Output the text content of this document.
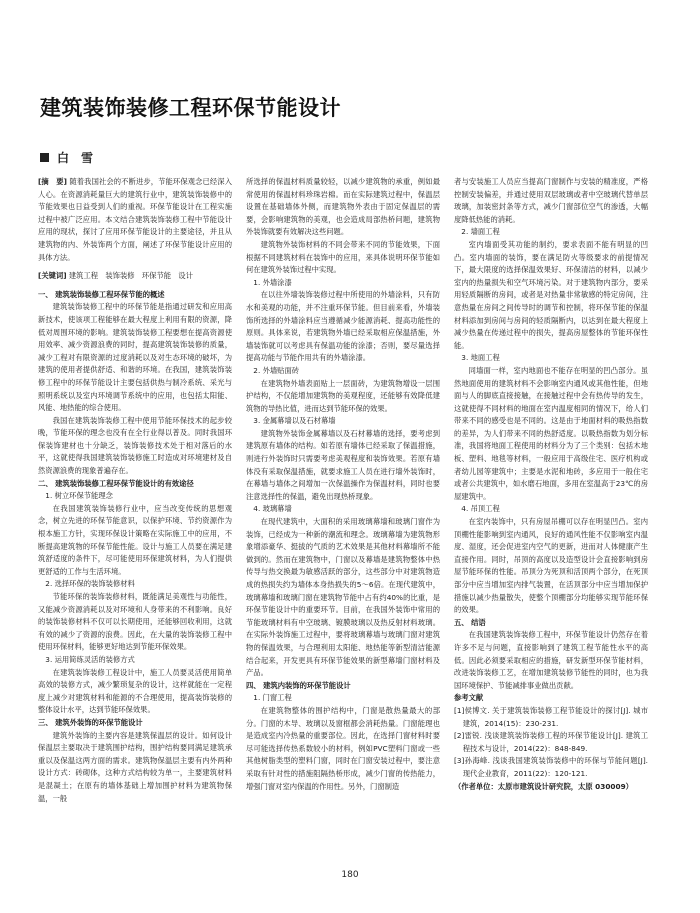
建筑装饰装修工程环保节能设计
白　雪

[摘　要] 随着我国社会的不断进步，节能环保观念已经深入人心。在资源消耗量巨大的建筑行业中，建筑装饰装修中的节能效果也日益受到人们的重视。环保节能设计在工程实施过程中被广泛应用。本文结合建筑装饰装修工程中节能设计应用的现状，探讨了应用环保节能设计的主要途径，并且从建筑物的内、外装饰两个方面，阐述了环保节能设计应用的具体方法。

[关键词] 建筑工程　装饰装修　环保节能　设计

一、 建筑装饰装修工程环保节能的概述

建筑装饰装修工程中的环保节能是指通过研发和应用高新技术，使该项工程能够在最大程度上利用有限的资源，降低对周围环境的影响。建筑装饰装修工程要想在提高资源使用效率、减少资源浪费的同时，提高建筑装饰装修的质量，减少工程对有限资源的过度消耗以及对生态环境的破坏，为建筑的使用者提供舒适、和谐的环境。在我国，建筑装饰装修工程中的环保节能设计主要包括供热与制冷系统、采光与照明系统以及室内环境调节系统中的应用，也包括太阳能、风能、地热能的综合使用。

我国在建筑装饰装修工程中使用节能环保技术的起步较晚，节能环保的理念也没有在全行业得以普及。同时我国环保装饰建材也十分缺乏，装饰装修技术处于相对落后的水平，这就使得我国建筑装饰装修施工时造成对环境建材及自然资源浪费的现象普遍存在。

二、 建筑装饰装修工程环保节能设计的有效途径

1. 树立环保节能理念

在我国建筑装饰装修行业中，应当改变传统的思想观念，树立先进的环保节能意识，以保护环境、节约资源作为根本施工方针，实现环保设计策略在实际施工中的应用，不断提高建筑物的环保节能性能。设计与施工人员要在满足建筑舒适度的条件下，尽可能使用环保建筑材料，为人们提供更舒适的工作与生活环境。

2. 选择环保的装饰装修材料

节能环保的装饰装修材料，既能满足美观性与功能性，又能减少资源消耗以及对环境和人身带来的不利影响。良好的装饰装修材料不仅可以长期使用，还能够回收利用，这就有效的减少了资源的浪费。因此，在大量的装饰装修工程中使用环保材料，能够更好地达到节能环保效果。

3. 运用简练灵活的装修方式

在建筑装饰装修工程设计中，施工人员要灵活使用简单高效的装修方式，减少繁琐复杂的设计，这样就能在一定程度上减少对建筑材料和能源的不合理使用，提高装饰装修的整体设计水平，达到节能环保效果。

三、 建筑外装饰的环保节能设计

建筑外装饰的主要内容是建筑保温层的设计。如何设计保温层主要取决于建筑围护结构，围护结构要同满足建筑承重以及保温这两方面的需求。建筑物保温层主要有内外两种设计方式：砖砌体，这种方式结构较为单一，主要建筑材料是混凝土；在原有的墙体基础上增加围护材料为建筑物保温，一般

所选择的保温材料质量较轻，以减少建筑物的承重，例如最常使用的保温材料珍珠岩棉。而在实际建筑过程中，保温层设置在基础墙体外侧，而建筑物外表由于固定保温层的需要，会影响建筑物的美观，也会造成局部热桥问题，建筑物外装饰就要有效解决这些问题。

建筑物外装饰材料的不同会带来不同的节能效果，下面根据不同建筑材料在装饰中的应用，来具体说明环保节能如何在建筑外装饰过程中实现。

1. 外墙涂漆

在以往外墙装饰装修过程中所使用的外墙涂料，只有防水和美观的功能，并不注重环保节能。但目前来看，外墙装饰所选择的外墙涂料应当遵循减少能源消耗、提高功能性的原则。具体来说，若建筑物外墙已经采取相应保温措施，外墙装饰就可以考虑具有保温功能的涂漆；否则，要尽量选择提高功能与节能作用共有的外墙涂漆。

2. 外墙贴面砖

在建筑物外墙表面贴上一层面砖，为建筑物增设一层围护结构，不仅能增加建筑物的美观程度，还能够有效降低建筑物的导热比值，进而达到节能环保的效果。

3. 金属幕墙以及石材幕墙

建筑物外装饰金属幕墙以及石材幕墙的选择，要考虑到建筑原有墙体的结构。如若原有墙体已经采取了保温措施，则进行外装饰时只需要考虑美观程度和装饰效果。若原有墙体没有采取保温措施，就要求施工人员在进行墙外装饰时，在幕墙与墙体之间增加一次保温操作为保温材料，同时也要注意选择性的保温，避免出现热桥现象。

4. 玻璃幕墙

在现代建筑中，大面积的采用玻璃幕墙和玻璃门窗作为装饰，已经成为一种新的潮流和理念。玻璃幕墙为建筑物形象增添豪华、挺拔的气质的艺术效果是其他材料幕墙所不能做到的。然而在建筑物中，门窗以及幕墙是建筑物整体中热传导与热交换最为敏感活跃的部分，这些部分中对建筑物造成的热损失约为墙体本身热损失的5～6倍。在现代建筑中，玻璃幕墙和玻璃门窗在建筑物节能中占有约40%的比重，是环保节能设计中的重要环节。目前，在我国外装饰中常用的节能玻璃材料有中空玻璃、镀膜玻璃以及热反射材料玻璃。在实际外装饰施工过程中，要将玻璃幕墙与玻璃门窗对建筑物的保温效果，与合理利用太阳能、地热能等新型清洁能源结合起来，开发更具有环保节能效果的新型幕墙门窗材料及产品。

四、 建筑内装饰的环保节能设计

1. 门窗工程

在建筑物整体的围护结构中，门窗是散热量最大的部分。门窗的木导、玻璃以及窗框都会消耗热量。门窗能理也是造成室内冷热量的重要部位。因此，在选择门窗材料时要尽可能选择传热系数较小的材料，例如PVC塑料门窗或一些其他树脂类型的塑料门窗，同时在门窗安装过程中，要注意采取有针对性的措施阻隔热桥形成，减少门窗的传热能力，增强门窗对室内保温的作用性。另外，门窗制造

者与安装施工人员应当提高门窗制作与安装的精准度，严格控制安装偏差，并通过使用双层玻璃或者中空玻璃代替单层玻璃，加装密封条等方式，减少门窗部位空气的渗透，大幅度降低热能的消耗。

2. 墙面工程

室内墙面受其功能的制约，要求表面不能有明显的凹凸。室内墙面的装饰，要在满足防火等级要求的前提情况下，最大限度的选择保温效果好、环保清洁的材料，以减少室内的热量损失和空气环境污染。对于建筑物内部分，要采用轻质隔断的房间，或者是对热量非常敏感的特定房间，注意热量在房间之间传导时的调节和控制，将环保节能的保温材料添加到房间与房间的轻质隔断内，以达到在最大程度上减少热量在传递过程中的损失，提高房屋整体的节能环保性能。

3. 地面工程

同墙面一样，室内地面也不能存在明显的凹凸部分。虽然地面使用的建筑材料不会影响室内通风或其他性能，但地面与人的脚底直接接触，在接触过程中会有热传导的发生，这就使得不同材料的地面在室内温度相同的情况下，给人们带来不同的感受也是不同的。这是由于地面材料的吸热指数的差异，为人们带来不同的热舒适度。以吸热指数为划分标准，我国将地面工程使用的材料分为了三个类别：包括木地板、塑料、地毯等材料，一般应用于高级住宅、医疗机构或者幼儿园等建筑中；主要是水泥和地砖，多应用于一般住宅或者公共建筑中，如水磨石地面，多用在室温高于23℃的房屋建筑中。

4. 吊顶工程

在室内装饰中，只有房屋吊棚可以存在明显凹凸。室内顶棚性能影响到室内通风，良好的通风性能不仅影响室内温度、湿度，还会促进室内空气的更新，进而对人体健康产生直接作用。同时，吊顶的高度以及造型设计会直接影响到房屋节能环保的性能。吊顶分为死顶和活顶两个部分，在死顶部分中应当增加室内排气装置，在活顶部分中应当增加保护措施以减少热量散失，使整个顶棚部分均能够实现节能环保的效果。

五、 结语

在我国建筑装饰装修工程中，环保节能设计仍然存在着许多不足与问题，直接影响到了建筑工程节能性水平的高低。因此必须要采取相应的措施，研发新型环保节能材料，改进装饰装修工艺，在增加建筑装修节能性的同时，也为我国环境保护、节能减排事业做出贡献。

参考文献

[1]侯博文. 关于建筑装饰装修工程节能设计的探讨[J]. 城市建筑，2014(15)：230-231.

[2]雷锐. 浅谈建筑装饰装修工程的环保节能设计[J]. 建筑工程技术与设计，2014(22)：848-849.

[3]孙海峰. 浅谈我国建筑装饰装修中的环保与节能问题[J]. 现代企业教育，2011(22)：120-121.

（作者单位：太原市建筑设计研究院，太原 030009）

180
